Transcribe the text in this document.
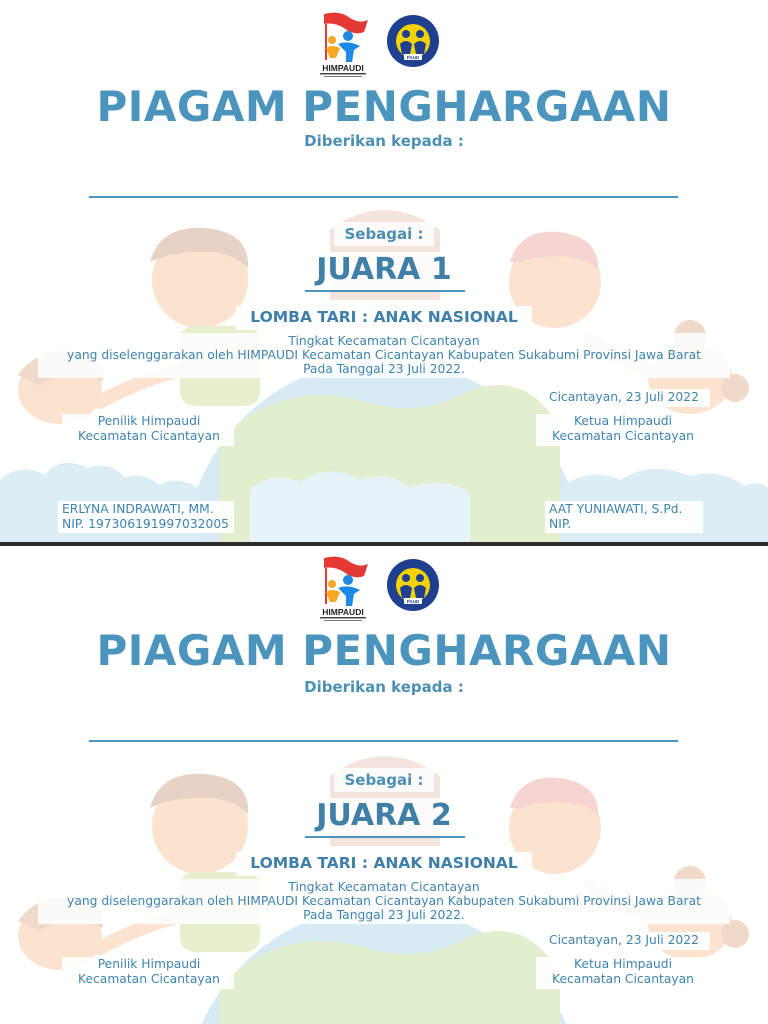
HIMPAUDI
PAUD
PIAGAM PENGHARGAAN
Diberikan kepada :
Sebagai :
JUARA 1
LOMBA TARI : ANAK NASIONAL
Tingkat Kecamatan Cicantayan
yang diselenggarakan oleh HIMPAUDI Kecamatan Cicantayan Kabupaten Sukabumi Provinsi Jawa Barat
Pada Tanggal 23 Juli 2022.
Cicantayan, 23 Juli 2022
Penilik Himpaudi
Kecamatan Cicantayan
Ketua Himpaudi
Kecamatan Cicantayan
ERLYNA INDRAWATI, MM.
NIP. 197306191997032005
AAT YUNIAWATI, S.Pd.
NIP.
HIMPAUDI
PAUD
PIAGAM PENGHARGAAN
Diberikan kepada :
Sebagai :
JUARA 2
LOMBA TARI : ANAK NASIONAL
Tingkat Kecamatan Cicantayan
yang diselenggarakan oleh HIMPAUDI Kecamatan Cicantayan Kabupaten Sukabumi Provinsi Jawa Barat
Pada Tanggal 23 Juli 2022.
Cicantayan, 23 Juli 2022
Penilik Himpaudi
Kecamatan Cicantayan
Ketua Himpaudi
Kecamatan Cicantayan
